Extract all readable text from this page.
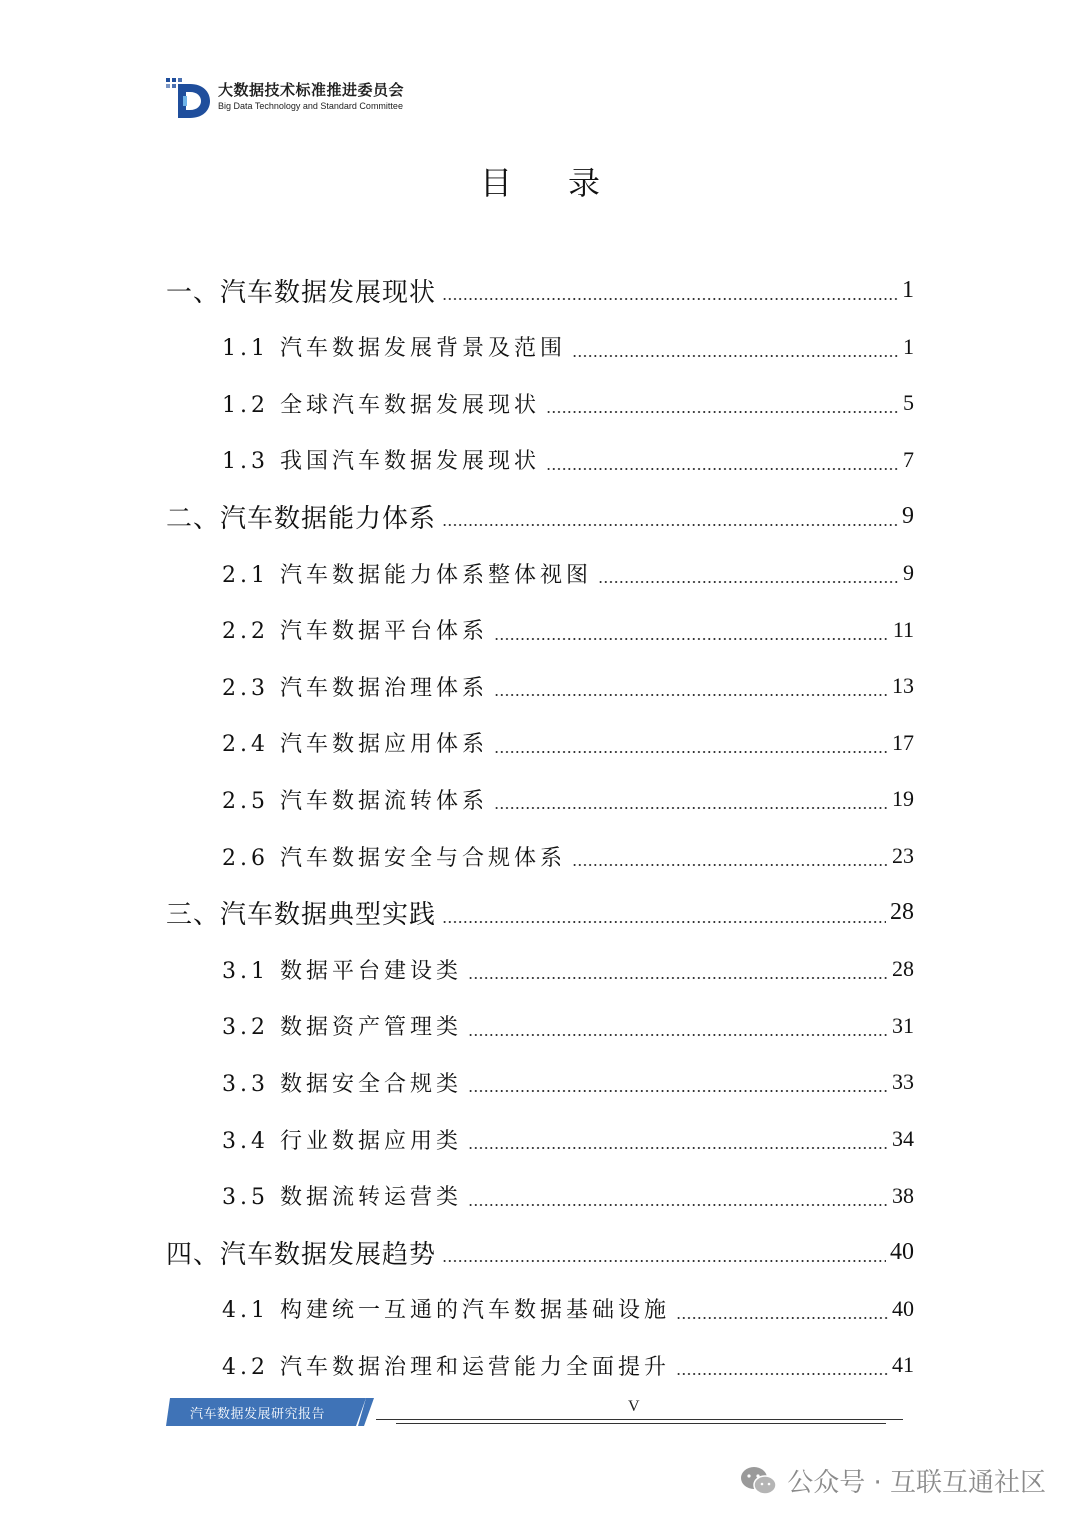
大数据技术标准推进委员会
Big Data Technology and Standard Committee
目录
一、汽车数据发展现状	1
1.1 汽车数据发展背景及范围	1
1.2 全球汽车数据发展现状	5
1.3 我国汽车数据发展现状	7
二、汽车数据能力体系	9
2.1 汽车数据能力体系整体视图	9
2.2 汽车数据平台体系	11
2.3 汽车数据治理体系	13
2.4 汽车数据应用体系	17
2.5 汽车数据流转体系	19
2.6 汽车数据安全与合规体系	23
三、汽车数据典型实践	28
3.1 数据平台建设类	28
3.2 数据资产管理类	31
3.3 数据安全合规类	33
3.4 行业数据应用类	34
3.5 数据流转运营类	38
四、汽车数据发展趋势	40
4.1 构建统一互通的汽车数据基础设施	40
4.2 汽车数据治理和运营能力全面提升	41
汽车数据发展研究报告	V
公众号 · 互联互通社区
